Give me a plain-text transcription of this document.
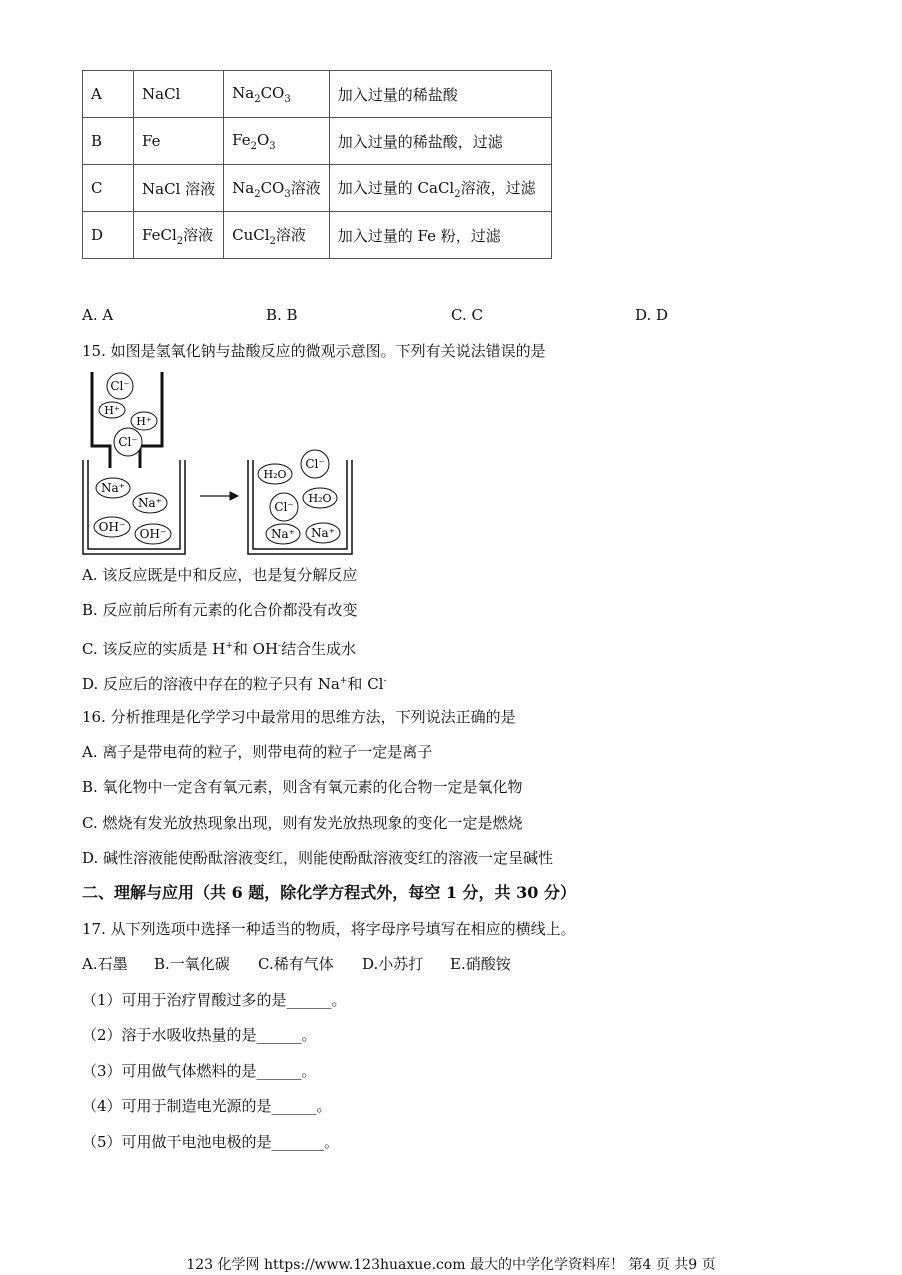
A	NaCl	$Na_2CO_3$	加入过量的稀盐酸
B	Fe	$Fe_2O_3$	加入过量的稀盐酸，过滤
C	NaCl 溶液	$Na_2CO_3$溶液	加入过量的 CaCl$_2$溶液，过滤
D	FeCl$_2$溶液	CuCl$_2$溶液	加入过量的 Fe 粉，过滤
A. A	B. B	C. C	D. D
15. 如图是氢氧化钠与盐酸反应的微观示意图。下列有关说法错误的是
Cl⁻
H⁺
H⁺
Cl⁻
Na⁺
Na⁺
OH⁻ OH⁻
H₂O
Cl⁻
Cl⁻
H₂O
Na⁺ Na⁺
A. 该反应既是中和反应，也是复分解反应
B. 反应前后所有元素的化合价都没有改变
C. 该反应的实质是 H+和 OH-结合生成水
D. 反应后的溶液中存在的粒子只有 Na+和 Cl-
16. 分析推理是化学学习中最常用的思维方法，下列说法正确的是
A. 离子是带电荷的粒子，则带电荷的粒子一定是离子
B. 氧化物中一定含有氧元素，则含有氧元素的化合物一定是氧化物
C. 燃烧有发光放热现象出现，则有发光放热现象的变化一定是燃烧
D. 碱性溶液能使酚酞溶液变红，则能使酚酞溶液变红的溶液一定呈碱性
二、理解与应用（共 6 题，除化学方程式外，每空 1 分，共 30 分）
17. 从下列选项中选择一种适当的物质，将字母序号填写在相应的横线上。
A.石墨 B.一氧化碳 C.稀有气体 D.小苏打 E.硝酸铵
（1）可用于治疗胃酸过多的是______。
（2）溶于水吸收热量的是______。
（3）可用做气体燃料的是______。
（4）可用于制造电光源的是______。
（5）可用做干电池电极的是_______。
123 化学网 https://www.123huaxue.com 最大的中学化学资料库！ 第4 页 共9 页
